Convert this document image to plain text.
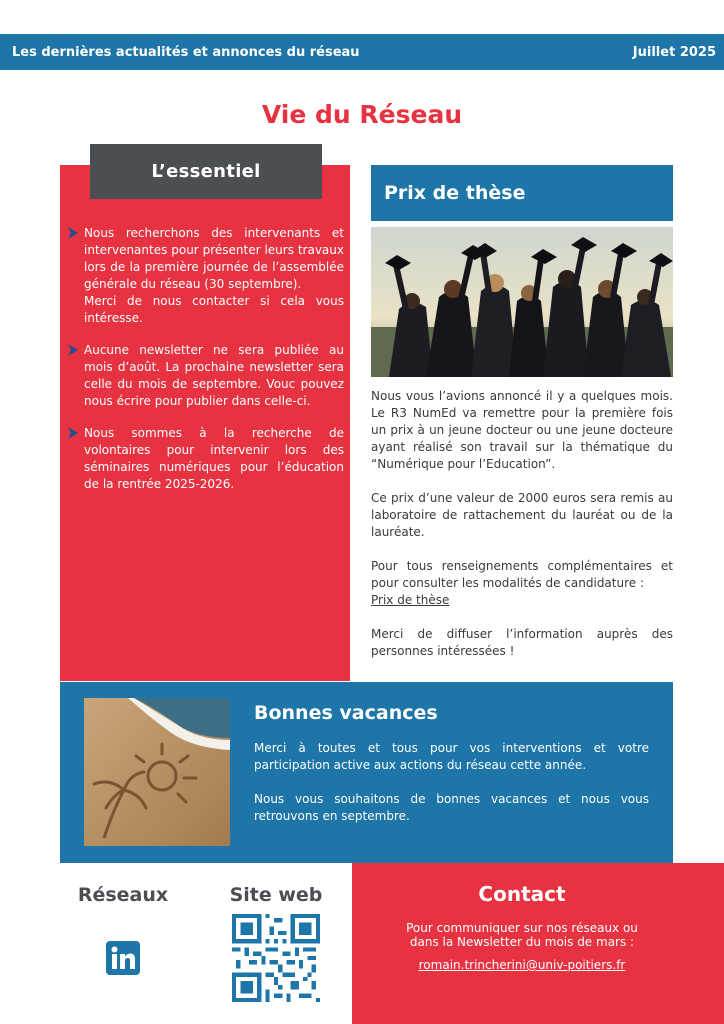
Les dernières actualités et annonces du réseau	Juillet 2025
Vie du Réseau
L’essentiel

Nous recherchons des intervenants et intervenantes pour présenter leurs travaux lors de la première journée de l’assemblée générale du réseau (30 septembre).

Merci de nous contacter si cela vous intéresse.

Aucune newsletter ne sera publiée au mois d’août. La prochaine newsletter sera celle du mois de septembre. Vouc pouvez nous écrire pour publier dans celle-ci.

Nous sommes à la recherche de volontaires pour intervenir lors des séminaires numériques pour l’éducation de la rentrée 2025-2026.

Prix de thèse

Nous vous l’avions annoncé il y a quelques mois. Le R3 NumEd va remettre pour la première fois un prix à un jeune docteur ou une jeune docteure ayant réalisé son travail sur la thématique du “Numérique pour l’Education”.

Ce prix d’une valeur de 2000 euros sera remis au laboratoire de rattachement du lauréat ou de la lauréate.

Pour tous renseignements complémentaires et pour consulter les modalités de candidature :
Prix de thèse

Merci de diffuser l’information auprès des personnes intéressées !

Bonnes vacances

Merci à toutes et tous pour vos interventions et votre participation active aux actions du réseau cette année.

Nous vous souhaitons de bonnes vacances et nous vous retrouvons en septembre.

Réseaux	Site web	Contact
Pour communiquer sur nos réseaux ou
dans la Newsletter du mois de mars :
romain.trincherini@univ-poitiers.fr
